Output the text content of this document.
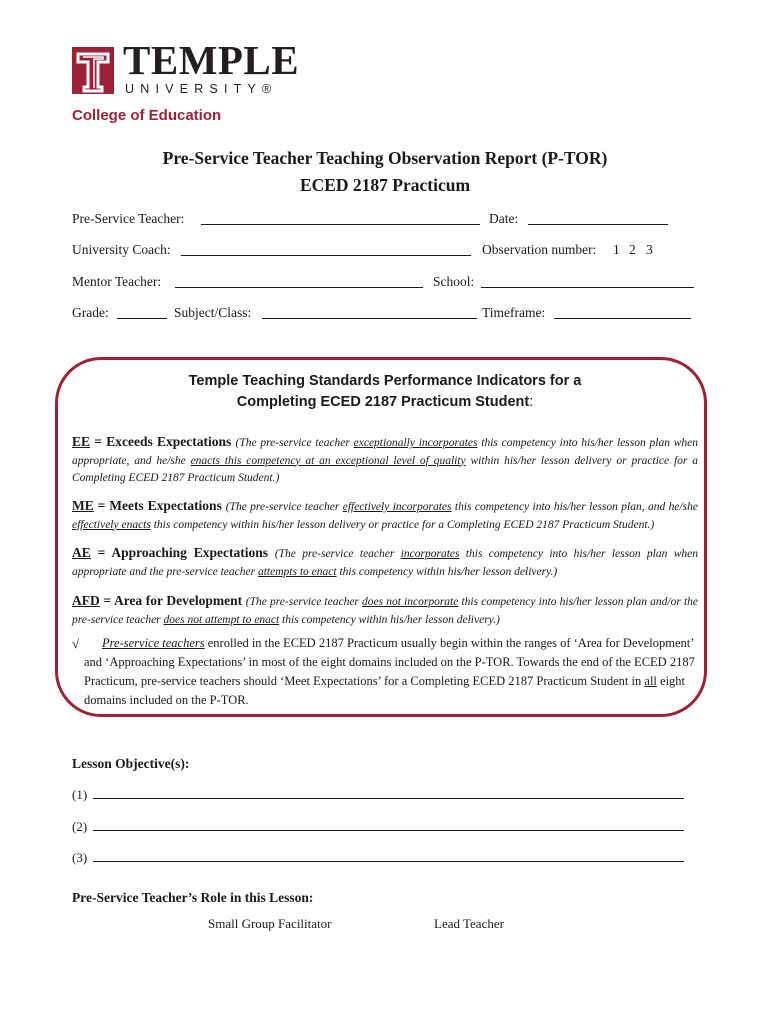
TEMPLE
UNIVERSITY®
College of Education
Pre-Service Teacher Teaching Observation Report (P-TOR)
ECED 2187 Practicum
Pre-Service Teacher:	Date:
University Coach:	Observation number: 1 2 3
Mentor Teacher:	School:
Grade:	Subject/Class:	Timeframe:
Temple Teaching Standards Performance Indicators for a
Completing ECED 2187 Practicum Student:
EE = Exceeds Expectations (The pre-service teacher exceptionally incorporates this competency into his/her lesson plan when appropriate, and he/she enacts this competency at an exceptional level of quality within his/her lesson delivery or practice for a Completing ECED 2187 Practicum Student.)
ME = Meets Expectations (The pre-service teacher effectively incorporates this competency into his/her lesson plan, and he/she effectively enacts this competency within his/her lesson delivery or practice for a Completing ECED 2187 Practicum Student.)
AE = Approaching Expectations (The pre-service teacher incorporates this competency into his/her lesson plan when appropriate and the pre-service teacher attempts to enact this competency within his/her lesson delivery.)
AFD = Area for Development (The pre-service teacher does not incorporate this competency into his/her lesson plan and/or the pre-service teacher does not attempt to enact this competency within his/her lesson delivery.)
√	Pre-service teachers enrolled in the ECED 2187 Practicum usually begin within the ranges of ‘Area for Development’ and ‘Approaching Expectations’ in most of the eight domains included on the P-TOR. Towards the end of the ECED 2187 Practicum, pre-service teachers should ‘Meet Expectations’ for a Completing ECED 2187 Practicum Student in all eight domains included on the P-TOR.
Lesson Objective(s):
(1)
(2)
(3)
Pre-Service Teacher’s Role in this Lesson:
Small Group Facilitator	Lead Teacher
